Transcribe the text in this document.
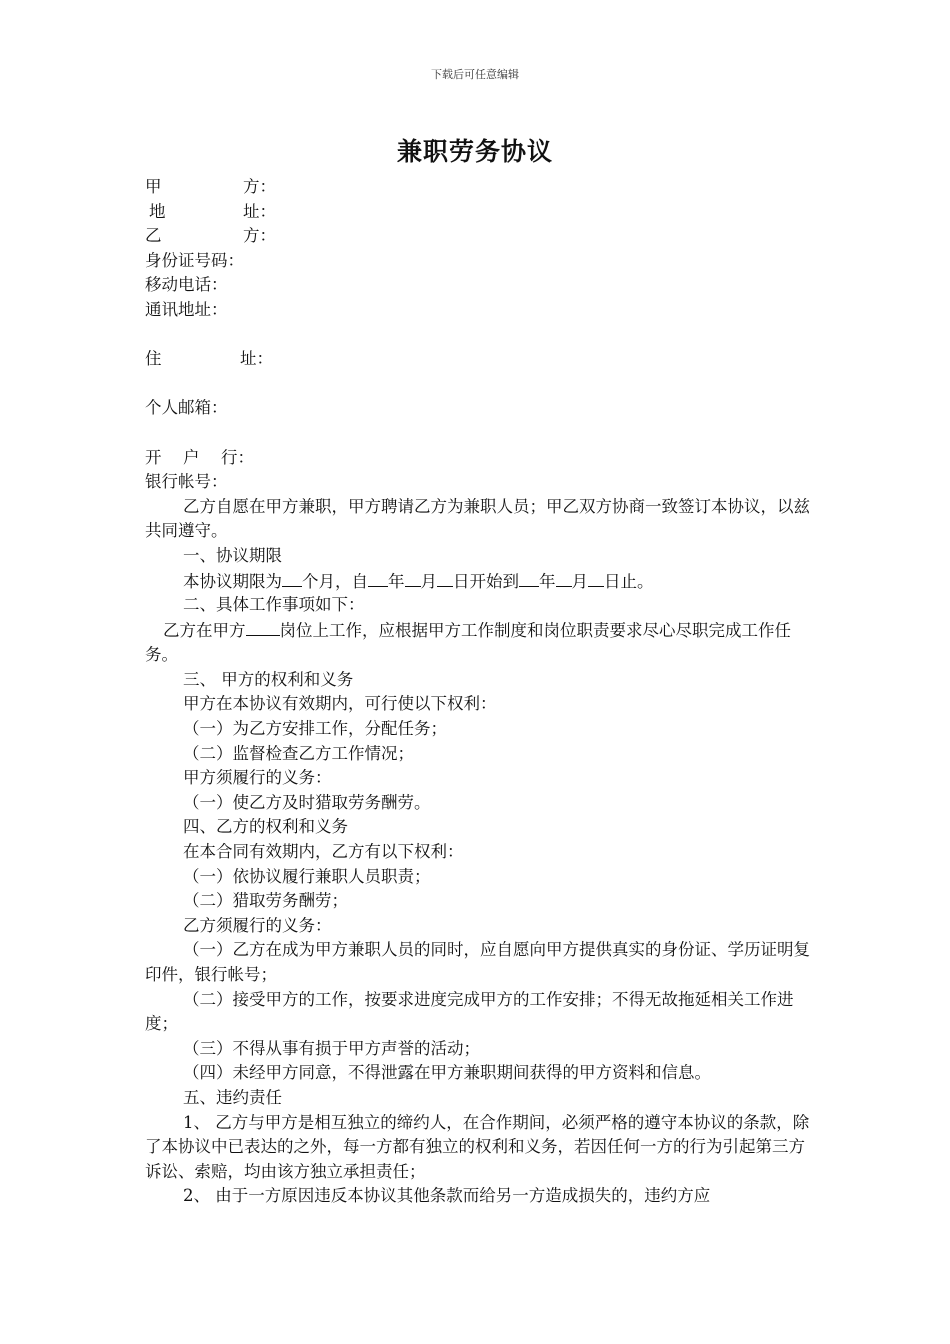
下载后可任意编辑
兼职劳务协议
甲	方：
地	址：
乙	方：
身份证号码：
移动电话：
通讯地址：
住	址：
个人邮箱：
开	户	行：
银行帐号：
乙方自愿在甲方兼职，甲方聘请乙方为兼职人员；甲乙双方协商一致签订本协议，以兹共同遵守。
一、协议期限
本协议期限为 个月，自 年 月 日开始到 年 月 日止。
二、具体工作事项如下：
乙方在甲方 岗位上工作，应根据甲方工作制度和岗位职责要求尽心尽职完成工作任务。
三、 甲方的权利和义务
甲方在本协议有效期内，可行使以下权利：
（一）为乙方安排工作，分配任务；
（二）监督检查乙方工作情况；
甲方须履行的义务：
（一）使乙方及时猎取劳务酬劳。
四、乙方的权利和义务
在本合同有效期内，乙方有以下权利：
（一）依协议履行兼职人员职责；
（二）猎取劳务酬劳；
乙方须履行的义务：
（一）乙方在成为甲方兼职人员的同时，应自愿向甲方提供真实的身份证、学历证明复印件，银行帐号；
（二）接受甲方的工作，按要求进度完成甲方的工作安排；不得无故拖延相关工作进度；
（三）不得从事有损于甲方声誉的活动；
（四）未经甲方同意，不得泄露在甲方兼职期间获得的甲方资料和信息。
五、违约责任
1、 乙方与甲方是相互独立的缔约人，在合作期间，必须严格的遵守本协议的条款，除了本协议中已表达的之外，每一方都有独立的权利和义务，若因任何一方的行为引起第三方诉讼、索赔，均由该方独立承担责任；
2、 由于一方原因违反本协议其他条款而给另一方造成损失的，违约方应
